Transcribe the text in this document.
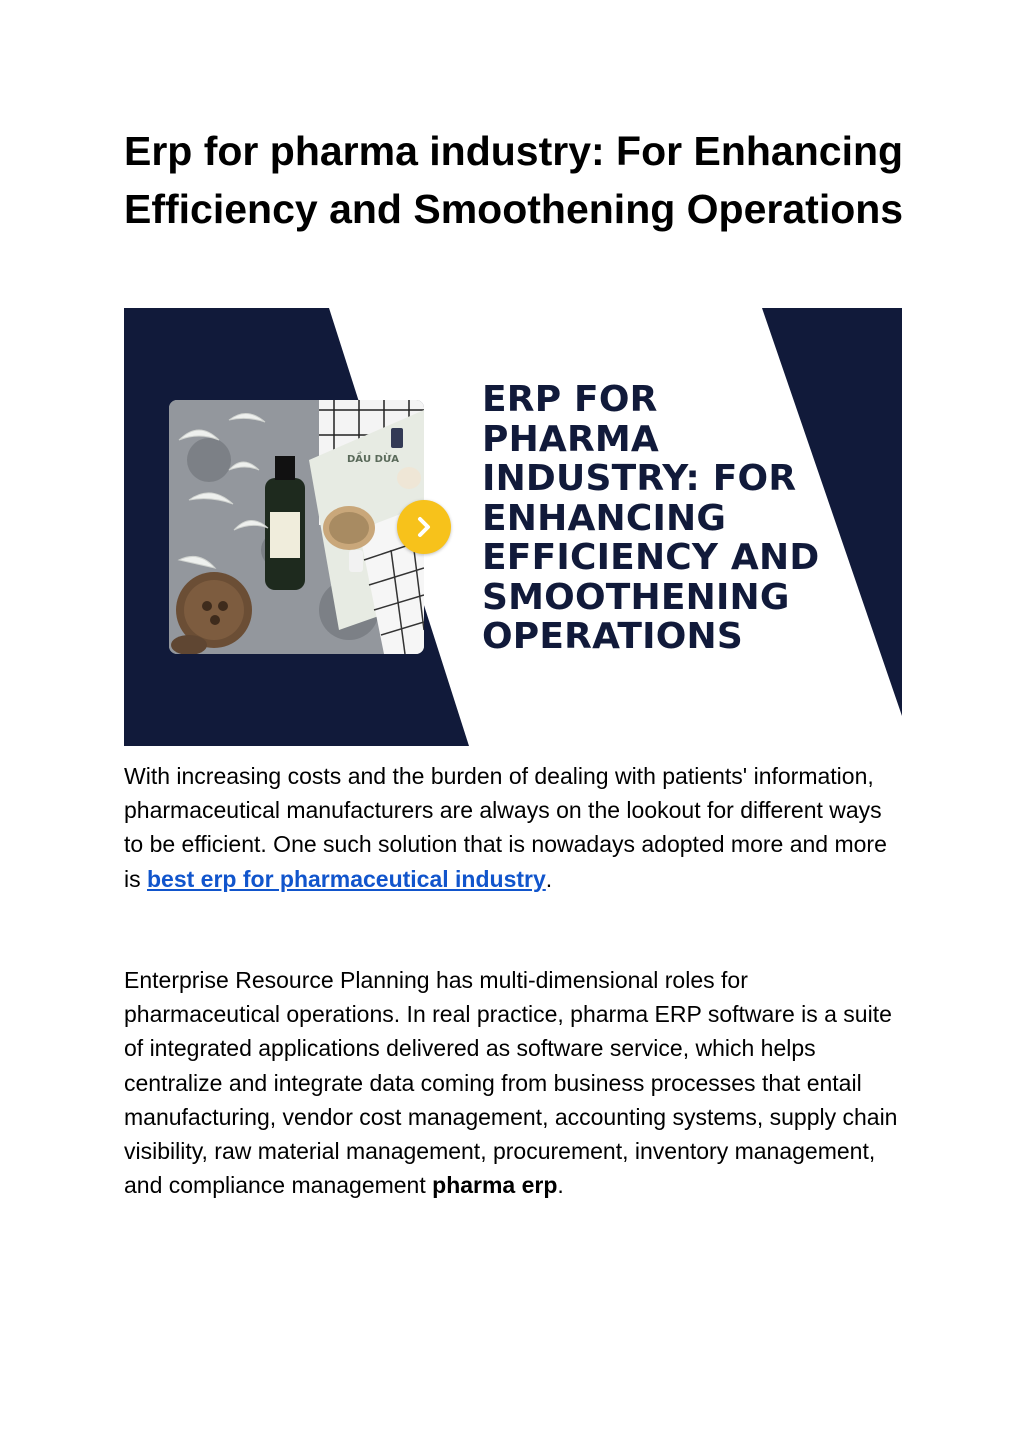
Erp for pharma industry: For Enhancing Efficiency and Smoothening Operations
DẦU DỪA

ERP FOR
PHARMA
INDUSTRY: FOR
ENHANCING
EFFICIENCY AND
SMOOTHENING
OPERATIONS

With increasing costs and the burden of dealing with patients' information, pharmaceutical manufacturers are always on the lookout for different ways to be efficient. One such solution that is nowadays adopted more and more is best erp for pharmaceutical industry.

Enterprise Resource Planning has multi-dimensional roles for pharmaceutical operations. In real practice, pharma ERP software is a suite of integrated applications delivered as software service, which helps centralize and integrate data coming from business processes that entail manufacturing, vendor cost management, accounting systems, supply chain visibility, raw material management, procurement, inventory management, and compliance management pharma erp.
